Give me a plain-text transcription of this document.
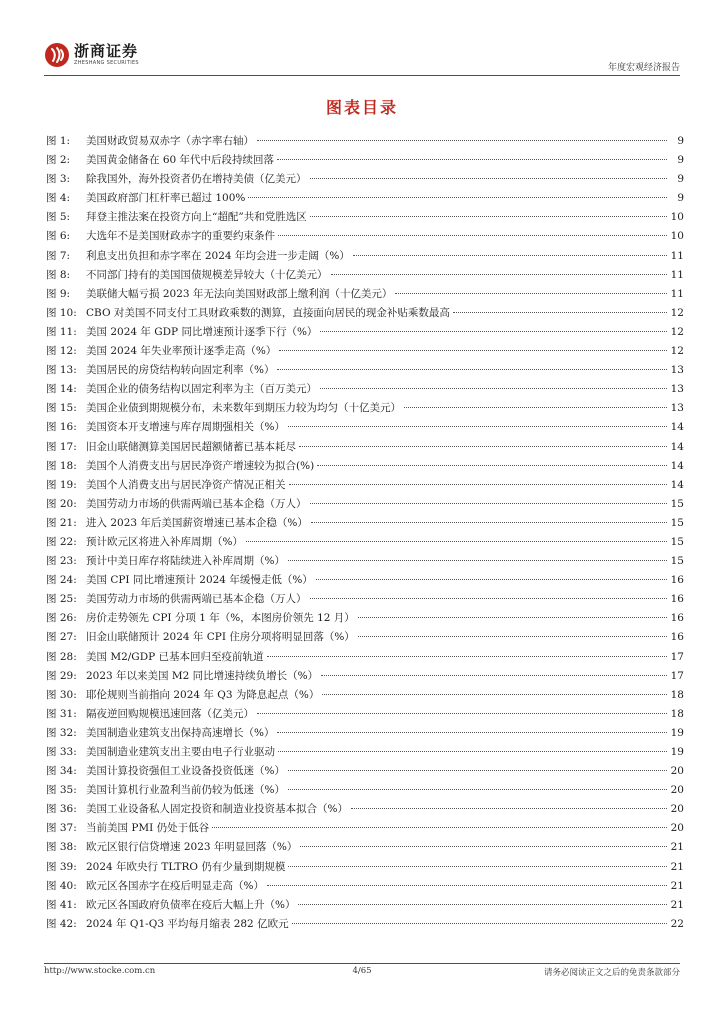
浙商证券
ZHESHANG SECURITIES	年度宏观经济报告
图表目录
图 1:	美国财政贸易双赤字（赤字率右轴）	9
图 2:	美国黄金储备在 60 年代中后段持续回落	9
图 3:	除我国外，海外投资者仍在增持美债（亿美元）	9
图 4:	美国政府部门杠杆率已超过 100%	9
图 5:	拜登主推法案在投资方向上“超配”共和党胜选区	10
图 6:	大选年不是美国财政赤字的重要约束条件	10
图 7:	利息支出负担和赤字率在 2024 年均会进一步走阔（%）	11
图 8:	不同部门持有的美国国债规模差异较大（十亿美元）	11
图 9:	美联储大幅亏损 2023 年无法向美国财政部上缴利润（十亿美元）	11
图 10: CBO 对美国不同支付工具财政乘数的测算，直接面向居民的现金补贴乘数最高	12
图 11: 美国 2024 年 GDP 同比增速预计逐季下行（%）	12
图 12: 美国 2024 年失业率预计逐季走高（%）	12
图 13: 美国居民的房贷结构转向固定利率（%）	13
图 14: 美国企业的债务结构以固定利率为主（百万美元）	13
图 15: 美国企业债到期规模分布，未来数年到期压力较为均匀（十亿美元）	13
图 16: 美国资本开支增速与库存周期强相关（%）	14
图 17: 旧金山联储测算美国居民超额储蓄已基本耗尽	14
图 18: 美国个人消费支出与居民净资产增速较为拟合(%)	14
图 19: 美国个人消费支出与居民净资产情况正相关	14
图 20: 美国劳动力市场的供需两端已基本企稳（万人）	15
图 21: 进入 2023 年后美国薪资增速已基本企稳（%）	15
图 22: 预计欧元区将进入补库周期（%）	15
图 23: 预计中美日库存将陆续进入补库周期（%）	15
图 24: 美国 CPI 同比增速预计 2024 年缓慢走低（%）	16
图 25: 美国劳动力市场的供需两端已基本企稳（万人）	16
图 26: 房价走势领先 CPI 分项 1 年（%，本图房价领先 12 月）	16
图 27: 旧金山联储预计 2024 年 CPI 住房分项将明显回落（%）	16
图 28: 美国 M2/GDP 已基本回归至疫前轨道	17
图 29: 2023 年以来美国 M2 同比增速持续负增长（%）	17
图 30: 耶伦规则当前指向 2024 年 Q3 为降息起点（%）	18
图 31: 隔夜逆回购规模迅速回落（亿美元）	18
图 32: 美国制造业建筑支出保持高速增长（%）	19
图 33: 美国制造业建筑支出主要由电子行业驱动	19
图 34: 美国计算投资强但工业设备投资低迷（%）	20
图 35: 美国计算机行业盈利当前仍较为低迷（%）	20
图 36: 美国工业设备私人固定投资和制造业投资基本拟合（%）	20
图 37: 当前美国 PMI 仍处于低谷	20
图 38: 欧元区银行信贷增速 2023 年明显回落（%）	21
图 39: 2024 年欧央行 TLTRO 仍有少量到期规模	21
图 40: 欧元区各国赤字在疫后明显走高（%）	21
图 41: 欧元区各国政府负债率在疫后大幅上升（%）	21
图 42: 2024 年 Q1-Q3 平均每月缩表 282 亿欧元	22
http://www.stocke.com.cn	4/65	请务必阅读正文之后的免责条款部分
